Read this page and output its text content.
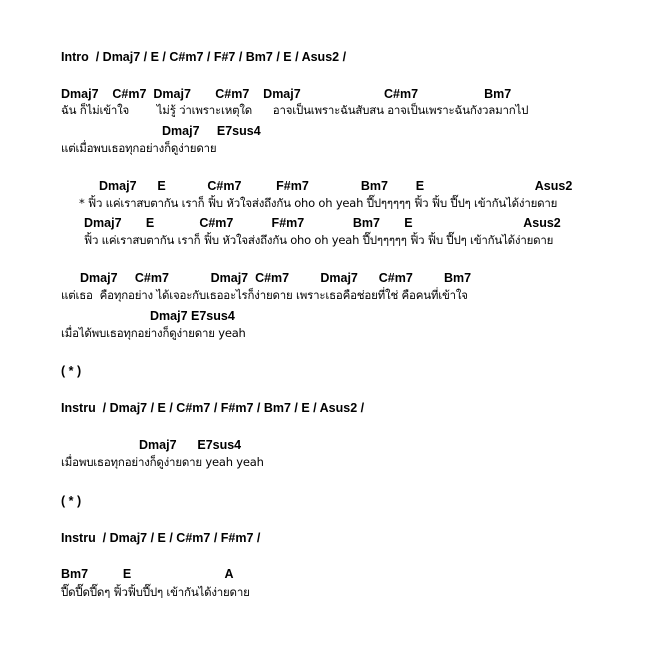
Intro  / Dmaj7 / E / C#m7 / F#7 / Bm7 / E / Asus2 /
Dmaj7    C#m7  Dmaj7       C#m7    Dmaj7                        C#m7                   Bm7
ฉัน ก็ไม่เข้าใจ        ไม่รู้ ว่าเพราะเหตุใด      อาจเป็นเพราะฉันสับสน อาจเป็นเพราะฉันกังวลมากไป
Dmaj7     E7sus4
แต่เมื่อพบเธอทุกอย่างก็ดูง่ายดาย
Dmaj7      E            C#m7          F#m7               Bm7        E                                Asus2
* ฟิ้ว แค่เราสบตากัน เราก็ ฟิ้บ หัวใจส่งถึงกัน oho oh yeah ปี๊ปๆๆๆๆๆ ฟิ้ว ฟิ้บ ปี๊ปๆ เข้ากันได้ง่ายดาย
Dmaj7       E             C#m7           F#m7              Bm7       E                                Asus2
ฟิ้ว แค่เราสบตากัน เราก็ ฟิ้บ หัวใจส่งถึงกัน oho oh yeah ปี๊ปๆๆๆๆๆ ฟิ้ว ฟิ้บ ปี๊ปๆ เข้ากันได้ง่ายดาย
Dmaj7     C#m7            Dmaj7  C#m7         Dmaj7      C#m7         Bm7
แต่เธอ  คือทุกอย่าง ได้เจอะกับเธออะไรก็ง่ายดาย เพราะเธอคือช่อยที่ใช่ คือคนที่เข้าใจ
Dmaj7 E7sus4
เมื่อได้พบเธอทุกอย่างก็ดูง่ายดาย yeah
( * )
Instru  / Dmaj7 / E / C#m7 / F#m7 / Bm7 / E / Asus2 /
Dmaj7      E7sus4
เมื่อพบเธอทุกอย่างก็ดูง่ายดาย yeah yeah
( * )
Instru  / Dmaj7 / E / C#m7 / F#m7 /
Bm7          E                           A
ปี๊ดปี๊ดปี๊ดๆ ฟิ้วฟิ้บปี๊ปๆ เข้ากันได้ง่ายดาย
